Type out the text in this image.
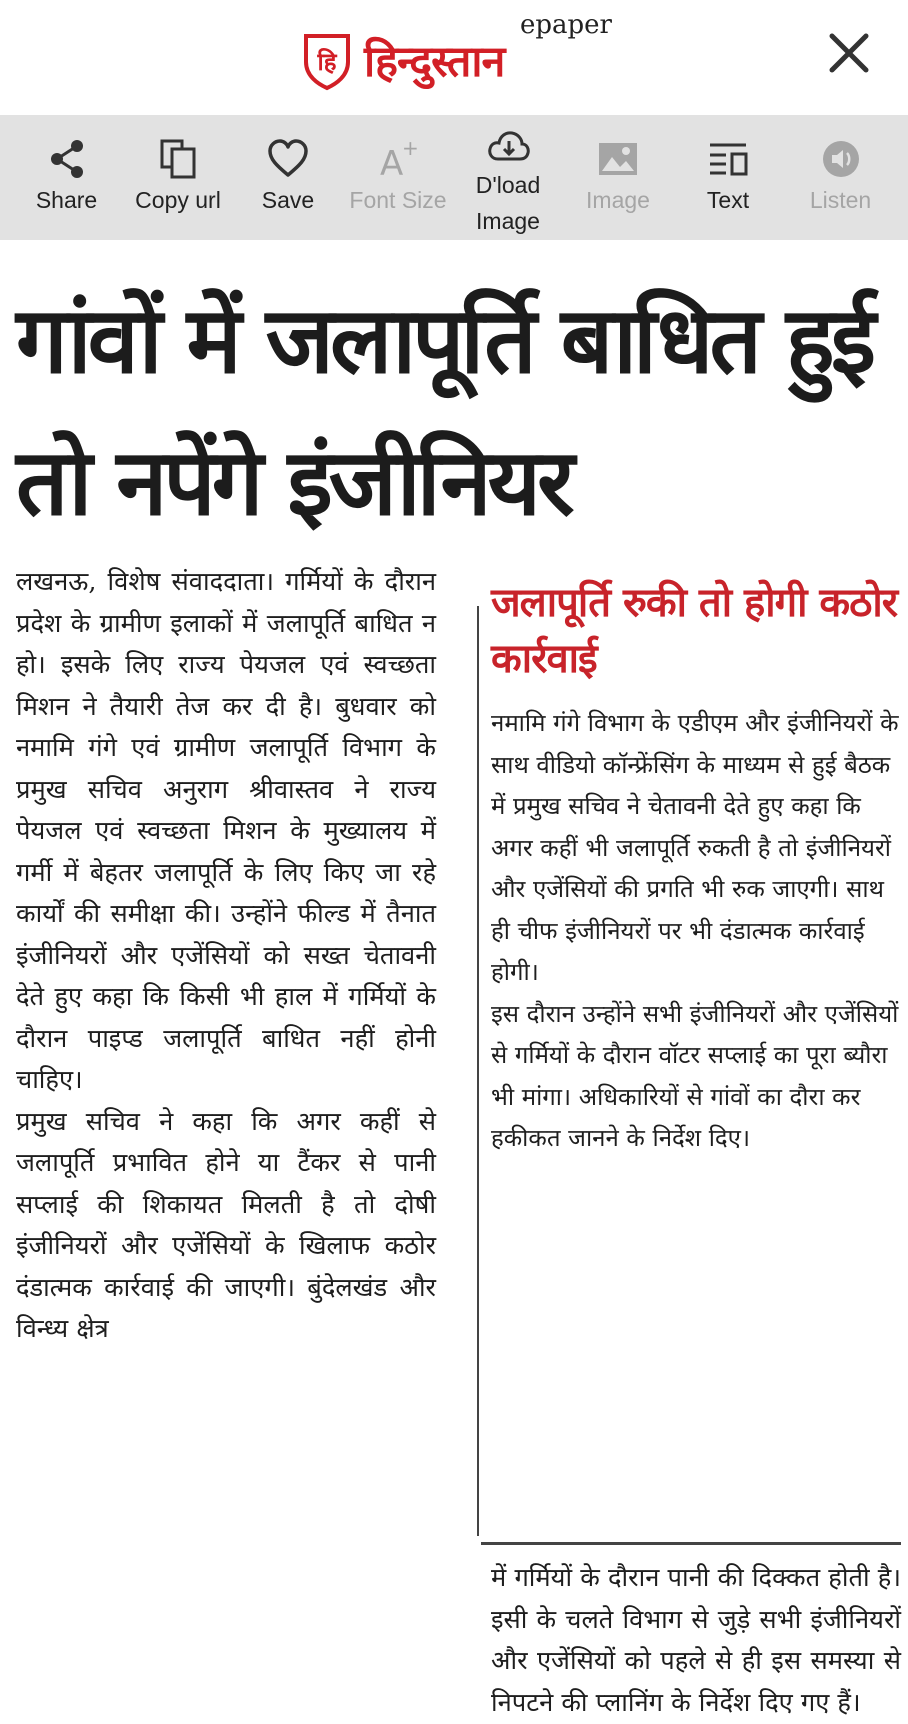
हि हिन्दुस्तान
epaper
Share	Copy url	Save
A
+
Font Size
D'load Image
Image	Text	Listen
गांवों में जलापूर्ति बाधित हुई तो नपेंगे इंजीनियर

लखनऊ, विशेष संवाददाता। गर्मियों के दौरान प्रदेश के ग्रामीण इलाकों में जलापूर्ति बाधित न हो। इसके लिए राज्य पेयजल एवं स्वच्छता मिशन ने तैयारी तेज कर दी है। बुधवार को नमामि गंगे एवं ग्रामीण जलापूर्ति विभाग के प्रमुख सचिव अनुराग श्रीवास्तव ने राज्य पेयजल एवं स्वच्छता मिशन के मुख्यालय में गर्मी में बेहतर जलापूर्ति के लिए किए जा रहे कार्यों की समीक्षा की। उन्होंने फील्ड में तैनात इंजीनियरों और एजेंसियों को सख्त चेतावनी देते हुए कहा कि किसी भी हाल में गर्मियों के दौरान पाइप्ड जलापूर्ति बाधित नहीं होनी चाहिए।

प्रमुख सचिव ने कहा कि अगर कहीं से जलापूर्ति प्रभावित होने या टैंकर से पानी सप्लाई की शिकायत मिलती है तो दोषी इंजीनियरों और एजेंसियों के खिलाफ कठोर दंडात्मक कार्रवाई की जाएगी। बुंदेलखंड और विन्ध्य क्षेत्र

जलापूर्ति रुकी तो होगी कठोर कार्रवाई

नमामि गंगे विभाग के एडीएम और इंजीनियरों के साथ वीडियो कॉन्फ्रेंसिंग के माध्यम से हुई बैठक में प्रमुख सचिव ने चेतावनी देते हुए कहा कि अगर कहीं भी जलापूर्ति रुकती है तो इंजीनियरों और एजेंसियों की प्रगति भी रुक जाएगी। साथ ही चीफ इंजीनियरों पर भी दंडात्मक कार्रवाई होगी।

इस दौरान उन्होंने सभी इंजीनियरों और एजेंसियों से गर्मियों के दौरान वॉटर सप्लाई का पूरा ब्यौरा भी मांगा। अधिकारियों से गांवों का दौरा कर हकीकत जानने के निर्देश दिए।

में गर्मियों के दौरान पानी की दिक्कत होती है। इसी के चलते विभाग से जुड़े सभी इंजीनियरों और एजेंसियों को पहले से ही इस समस्या से निपटने की प्लानिंग के निर्देश दिए गए हैं।
